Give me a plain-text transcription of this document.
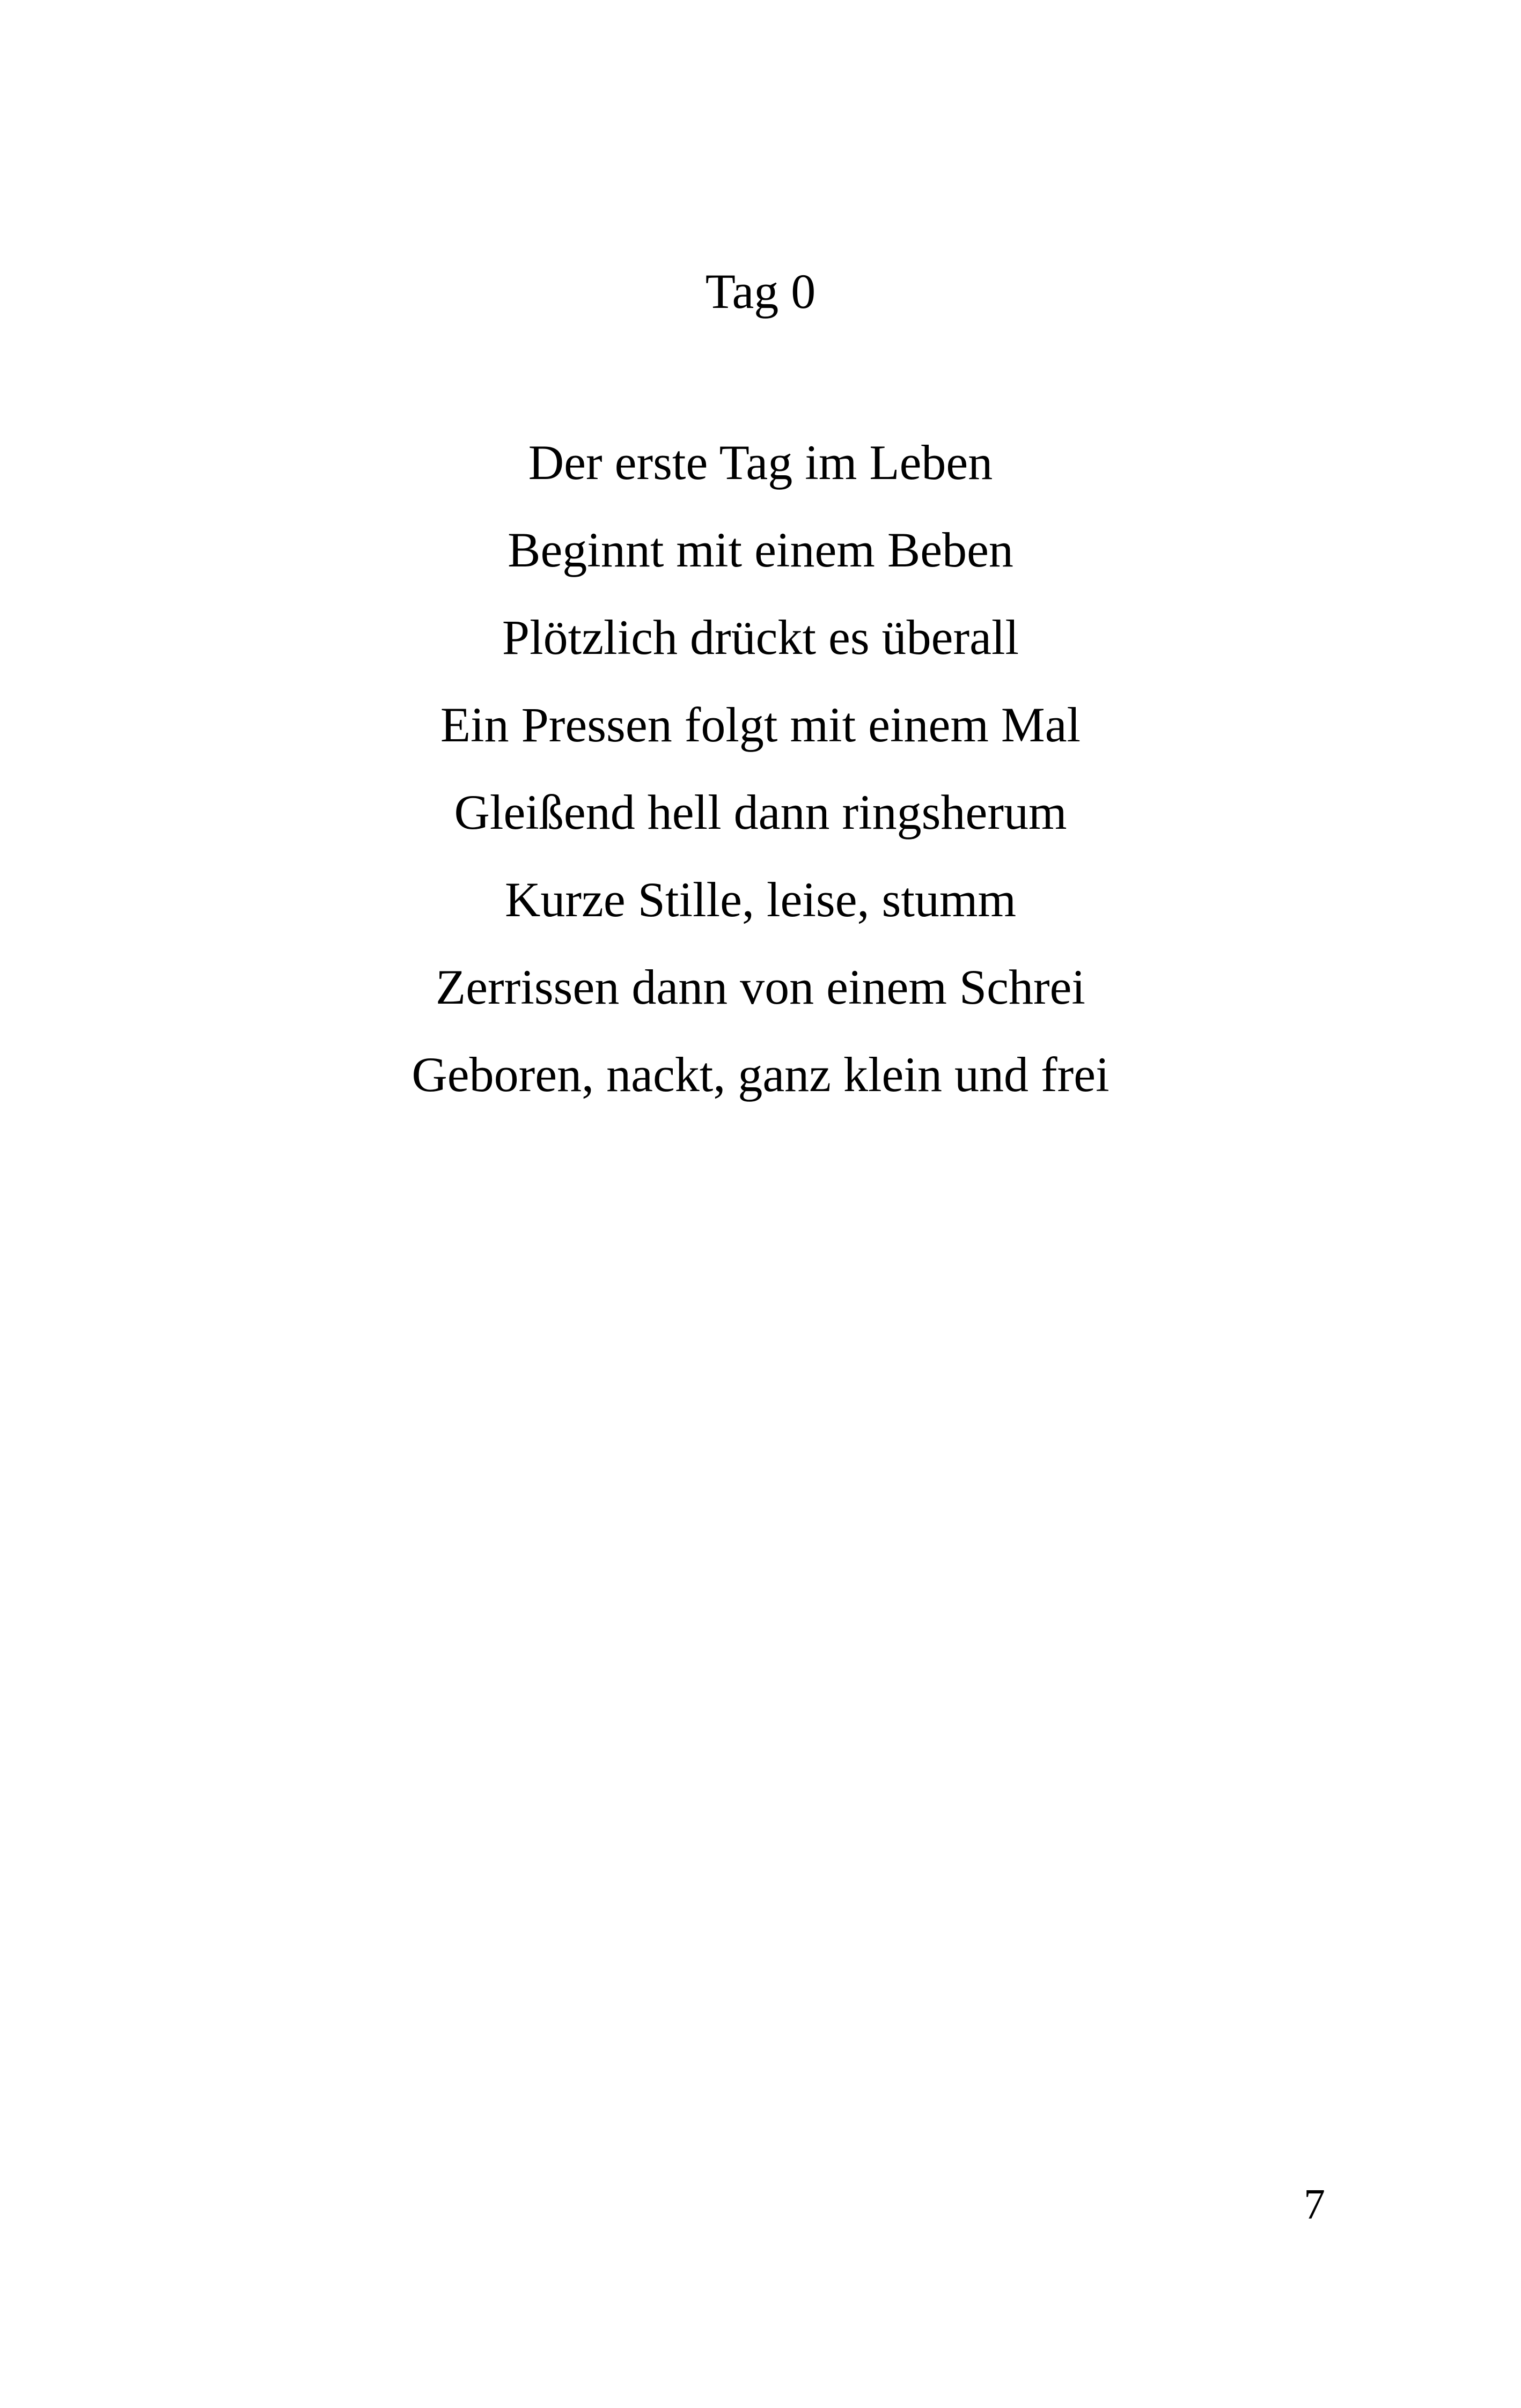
Tag 0
Der erste Tag im Leben
Beginnt mit einem Beben
Plötzlich drückt es überall
Ein Pressen folgt mit einem Mal
Gleißend hell dann ringsherum
Kurze Stille, leise, stumm
Zerrissen dann von einem Schrei
Geboren, nackt, ganz klein und frei
7
